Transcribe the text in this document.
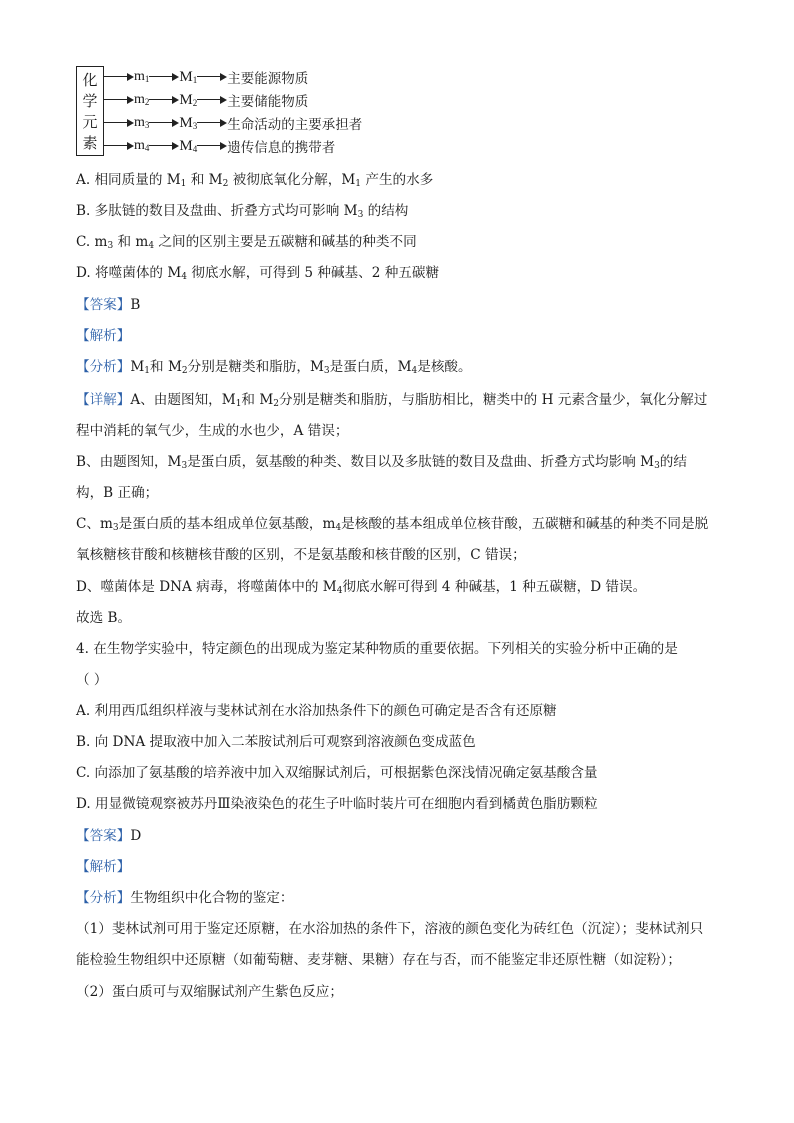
化
学
元
素
$m_1$ $M_1$ 主要能源物质
$m_2$ $M_2$ 主要储能物质
$m_3$ $M_3$ 生命活动的主要承担者
$m_4$ $M_4$ 遗传信息的携带者
A. 相同质量的 $M_1$ 和 $M_2$ 被彻底氧化分解，$M_1$ 产生的水多
B. 多肽链的数目及盘曲、折叠方式均可影响 $M_3$ 的结构
C. $m_3$ 和 $m_4$ 之间的区别主要是五碳糖和碱基的种类不同
D. 将噬菌体的 $M_4$ 彻底水解，可得到 5 种碱基、2 种五碳糖
【答案】B
【解析】
【分析】$M_1$和 $M_2$分别是糖类和脂肪，$M_3$是蛋白质，$M_4$是核酸。
【详解】A、由题图知，$M_1$和 $M_2$分别是糖类和脂肪，与脂肪相比，糖类中的 H 元素含量少，氧化分解过
程中消耗的氧气少，生成的水也少，A 错误；
B、由题图知，$M_3$是蛋白质，氨基酸的种类、数目以及多肽链的数目及盘曲、折叠方式均影响 $M_3$的结
构，B 正确；
C、$m_3$是蛋白质的基本组成单位氨基酸，$m_4$是核酸的基本组成单位核苷酸，五碳糖和碱基的种类不同是脱
氧核糖核苷酸和核糖核苷酸的区别，不是氨基酸和核苷酸的区别，C 错误；
D、噬菌体是 DNA 病毒，将噬菌体中的 $M_4$彻底水解可得到 4 种碱基，1 种五碳糖，D 错误。
故选 B。
4. 在生物学实验中，特定颜色的出现成为鉴定某种物质的重要依据。下列相关的实验分析中正确的是
（ ）
A. 利用西瓜组织样液与斐林试剂在水浴加热条件下的颜色可确定是否含有还原糖
B. 向 DNA 提取液中加入二苯胺试剂后可观察到溶液颜色变成蓝色
C. 向添加了氨基酸的培养液中加入双缩脲试剂后，可根据紫色深浅情况确定氨基酸含量
D. 用显微镜观察被苏丹Ⅲ染液染色的花生子叶临时装片可在细胞内看到橘黄色脂肪颗粒
【答案】D
【解析】
【分析】生物组织中化合物的鉴定：
（1）斐林试剂可用于鉴定还原糖，在水浴加热的条件下，溶液的颜色变化为砖红色（沉淀）；斐林试剂只
能检验生物组织中还原糖（如葡萄糖、麦芽糖、果糖）存在与否，而不能鉴定非还原性糖（如淀粉）；
（2）蛋白质可与双缩脲试剂产生紫色反应；
